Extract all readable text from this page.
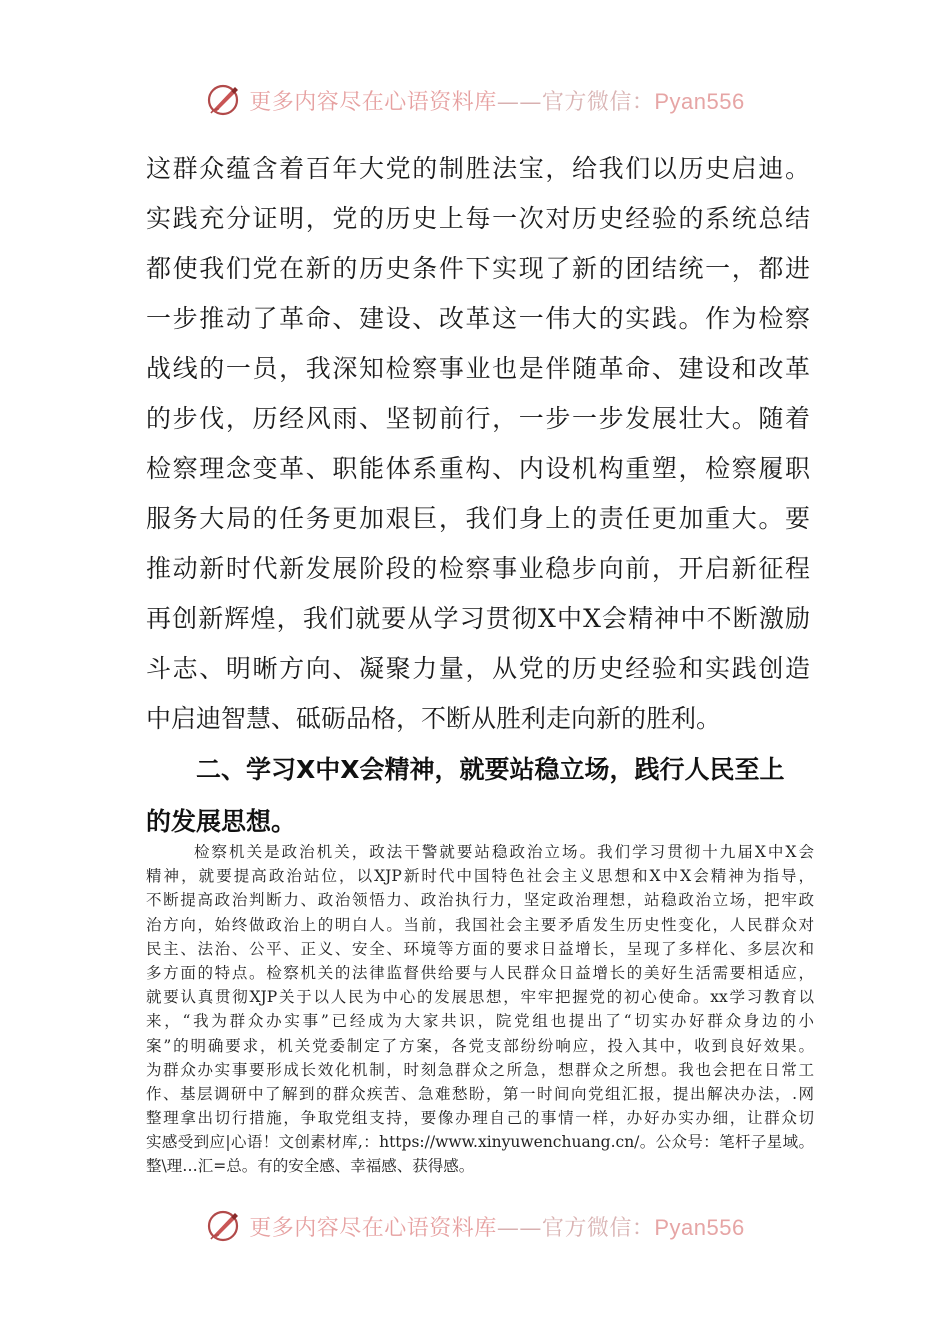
更多内容尽在心语资料库——官方微信：Pyan556
这群众蕴含着百年大党的制胜法宝，给我们以历史启迪。
实践充分证明，党的历史上每一次对历史经验的系统总结
都使我们党在新的历史条件下实现了新的团结统一，都进
一步推动了革命、建设、改革这一伟大的实践。作为检察
战线的一员，我深知检察事业也是伴随革命、建设和改革
的步伐，历经风雨、坚韧前行，一步一步发展壮大。随着
检察理念变革、职能体系重构、内设机构重塑，检察履职
服务大局的任务更加艰巨，我们身上的责任更加重大。要
推动新时代新发展阶段的检察事业稳步向前，开启新征程
再创新辉煌，我们就要从学习贯彻X中X会精神中不断激励
斗志、明晰方向、凝聚力量，从党的历史经验和实践创造
中启迪智慧、砥砺品格，不断从胜利走向新的胜利。
二、学习X中X会精神，就要站稳立场，践行人民至上
的发展思想。
检察机关是政治机关，政法干警就要站稳政治立场。我们学习贯彻十九届X中X会
精神，就要提高政治站位，以XJP新时代中国特色社会主义思想和X中X会精神为指导，
不断提高政治判断力、政治领悟力、政治执行力，坚定政治理想，站稳政治立场，把牢政
治方向，始终做政治上的明白人。当前，我国社会主要矛盾发生历史性变化，人民群众对
民主、法治、公平、正义、安全、环境等方面的要求日益增长，呈现了多样化、多层次和
多方面的特点。检察机关的法律监督供给要与人民群众日益增长的美好生活需要相适应，
就要认真贯彻XJP关于以人民为中心的发展思想，牢牢把握党的初心使命。xx学习教育以
来，“我为群众办实事”已经成为大家共识，院党组也提出了“切实办好群众身边的小
案”的明确要求，机关党委制定了方案，各党支部纷纷响应，投入其中，收到良好效果。
为群众办实事要形成长效化机制，时刻急群众之所急，想群众之所想。我也会把在日常工
作、基层调研中了解到的群众疾苦、急难愁盼，第一时间向党组汇报，提出解决办法，.网
整理拿出切行措施，争取党组支持，要像办理自己的事情一样，办好办实办细，让群众切
实感受到应|心语！文创素材库,：https://www.xinyuwenchuang.cn/。公众号：笔杆子星域。
整\理…汇=总。有的安全感、幸福感、获得感。
更多内容尽在心语资料库——官方微信：Pyan556
